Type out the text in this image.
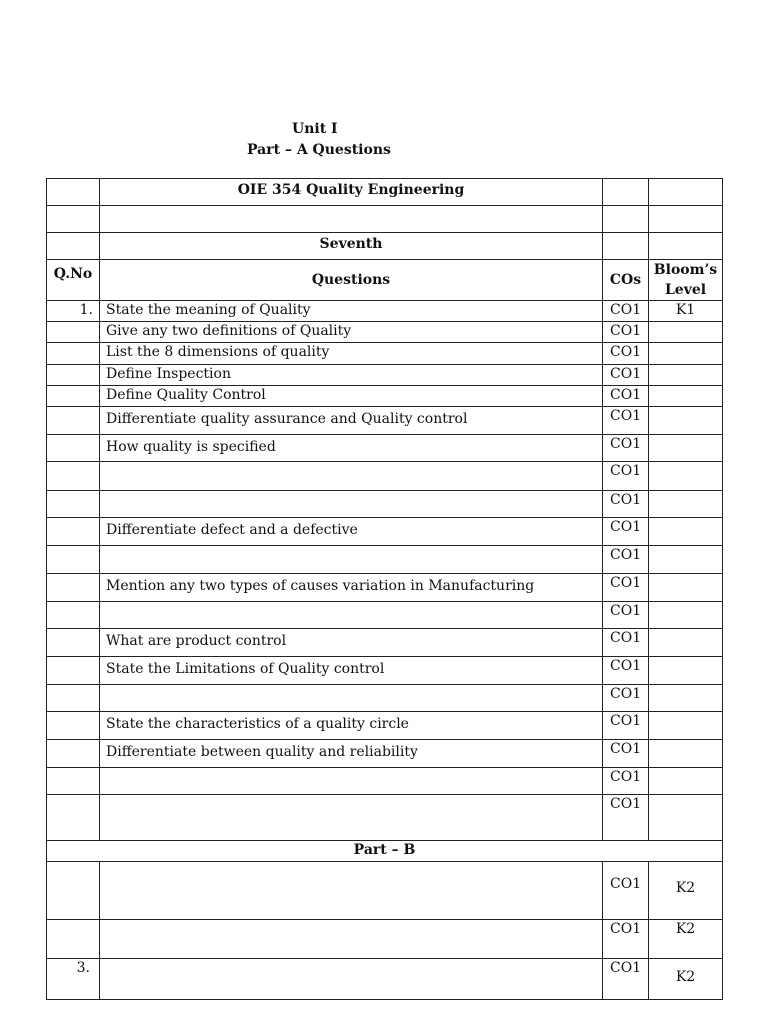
Unit I
Part – A Questions
	OIE 354 Quality Engineering		

	Seventh		
Q.No	Questions	COs	Bloom’s Level
1.	State the meaning of Quality	CO1	K1
	Give any two definitions of Quality	CO1	
	List the 8 dimensions of quality	CO1	
	Define Inspection	CO1	
	Define Quality Control	CO1	
	Differentiate quality assurance and Quality control	CO1	
	How quality is specified	CO1	
		CO1	
		CO1	
	Differentiate defect and a defective	CO1	
		CO1	
	Mention any two types of causes variation in Manufacturing	CO1	
		CO1	
	What are product control	CO1	
	State the Limitations of Quality control	CO1	
		CO1	
	State the characteristics of a quality circle	CO1	
	Differentiate between quality and reliability	CO1	
		CO1	
		CO1	
Part – B			
		CO1	K2
		CO1	K2
3.		CO1	K2
